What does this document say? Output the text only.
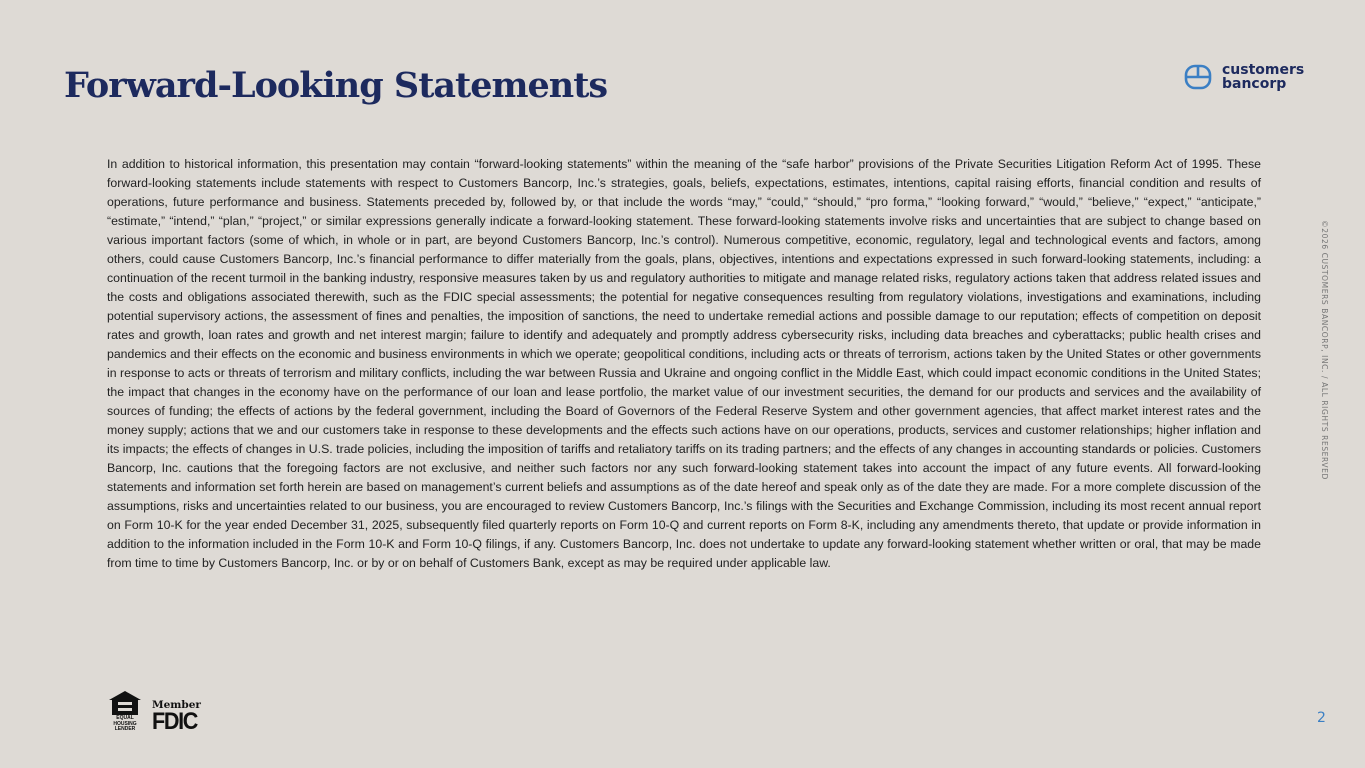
Forward-Looking Statements	customers
bancorp

In addition to historical information, this presentation may contain “forward-looking statements” within the meaning of the “safe harbor” provisions of the Private Securities Litigation Reform Act of 1995. These forward-looking statements include statements with respect to Customers Bancorp, Inc.’s strategies, goals, beliefs, expectations, estimates, intentions, capital raising efforts, financial condition and results of operations, future performance and business. Statements preceded by, followed by, or that include the words “may,” “could,” “should,” “pro forma,” “looking forward,” “would,” “believe,” “expect,” “anticipate,” “estimate,” “intend,” “plan,” “project,” or similar expressions generally indicate a forward-looking statement. These forward-looking statements involve risks and uncertainties that are subject to change based on various important factors (some of which, in whole or in part, are beyond Customers Bancorp, Inc.’s control). Numerous competitive, economic, regulatory, legal and technological events and factors, among others, could cause Customers Bancorp, Inc.’s financial performance to differ materially from the goals, plans, objectives, intentions and expectations expressed in such forward-looking statements, including: a continuation of the recent turmoil in the banking industry, responsive measures taken by us and regulatory authorities to mitigate and manage related risks, regulatory actions taken that address related issues and the costs and obligations associated therewith, such as the FDIC special assessments; the potential for negative consequences resulting from regulatory violations, investigations and examinations, including potential supervisory actions, the assessment of fines and penalties, the imposition of sanctions, the need to undertake remedial actions and possible damage to our reputation; effects of competition on deposit rates and growth, loan rates and growth and net interest margin; failure to identify and adequately and promptly address cybersecurity risks, including data breaches and cyberattacks; public health crises and pandemics and their effects on the economic and business environments in which we operate; geopolitical conditions, including acts or threats of terrorism, actions taken by the United States or other governments in response to acts or threats of terrorism and military conflicts, including the war between Russia and Ukraine and ongoing conflict in the Middle East, which could impact economic conditions in the United States; the impact that changes in the economy have on the performance of our loan and lease portfolio, the market value of our investment securities, the demand for our products and services and the availability of sources of funding; the effects of actions by the federal government, including the Board of Governors of the Federal Reserve System and other government agencies, that affect market interest rates and the money supply; actions that we and our customers take in response to these developments and the effects such actions have on our operations, products, services and customer relationships; higher inflation and its impacts; the effects of changes in U.S. trade policies, including the imposition of tariffs and retaliatory tariffs on its trading partners; and the effects of any changes in accounting standards or policies. Customers Bancorp, Inc. cautions that the foregoing factors are not exclusive, and neither such factors nor any such forward-looking statement takes into account the impact of any future events. All forward-looking statements and information set forth herein are based on management’s current beliefs and assumptions as of the date hereof and speak only as of the date they are made. For a more complete discussion of the assumptions, risks and uncertainties related to our business, you are encouraged to review Customers Bancorp, Inc.’s filings with the Securities and Exchange Commission, including its most recent annual report on Form 10-K for the year ended December 31, 2025, subsequently filed quarterly reports on Form 10-Q and current reports on Form 8-K, including any amendments thereto, that update or provide information in addition to the information included in the Form 10-K and Form 10-Q filings, if any. Customers Bancorp, Inc. does not undertake to update any forward-looking statement whether written or oral, that may be made from time to time by Customers Bancorp, Inc. or by or on behalf of Customers Bank, except as may be required under applicable law.

©2026 CUSTOMERS BANCORP, INC. / ALL RIGHTS RESERVED
EQUAL HOUSING
LENDER
Member
FDIC	2
